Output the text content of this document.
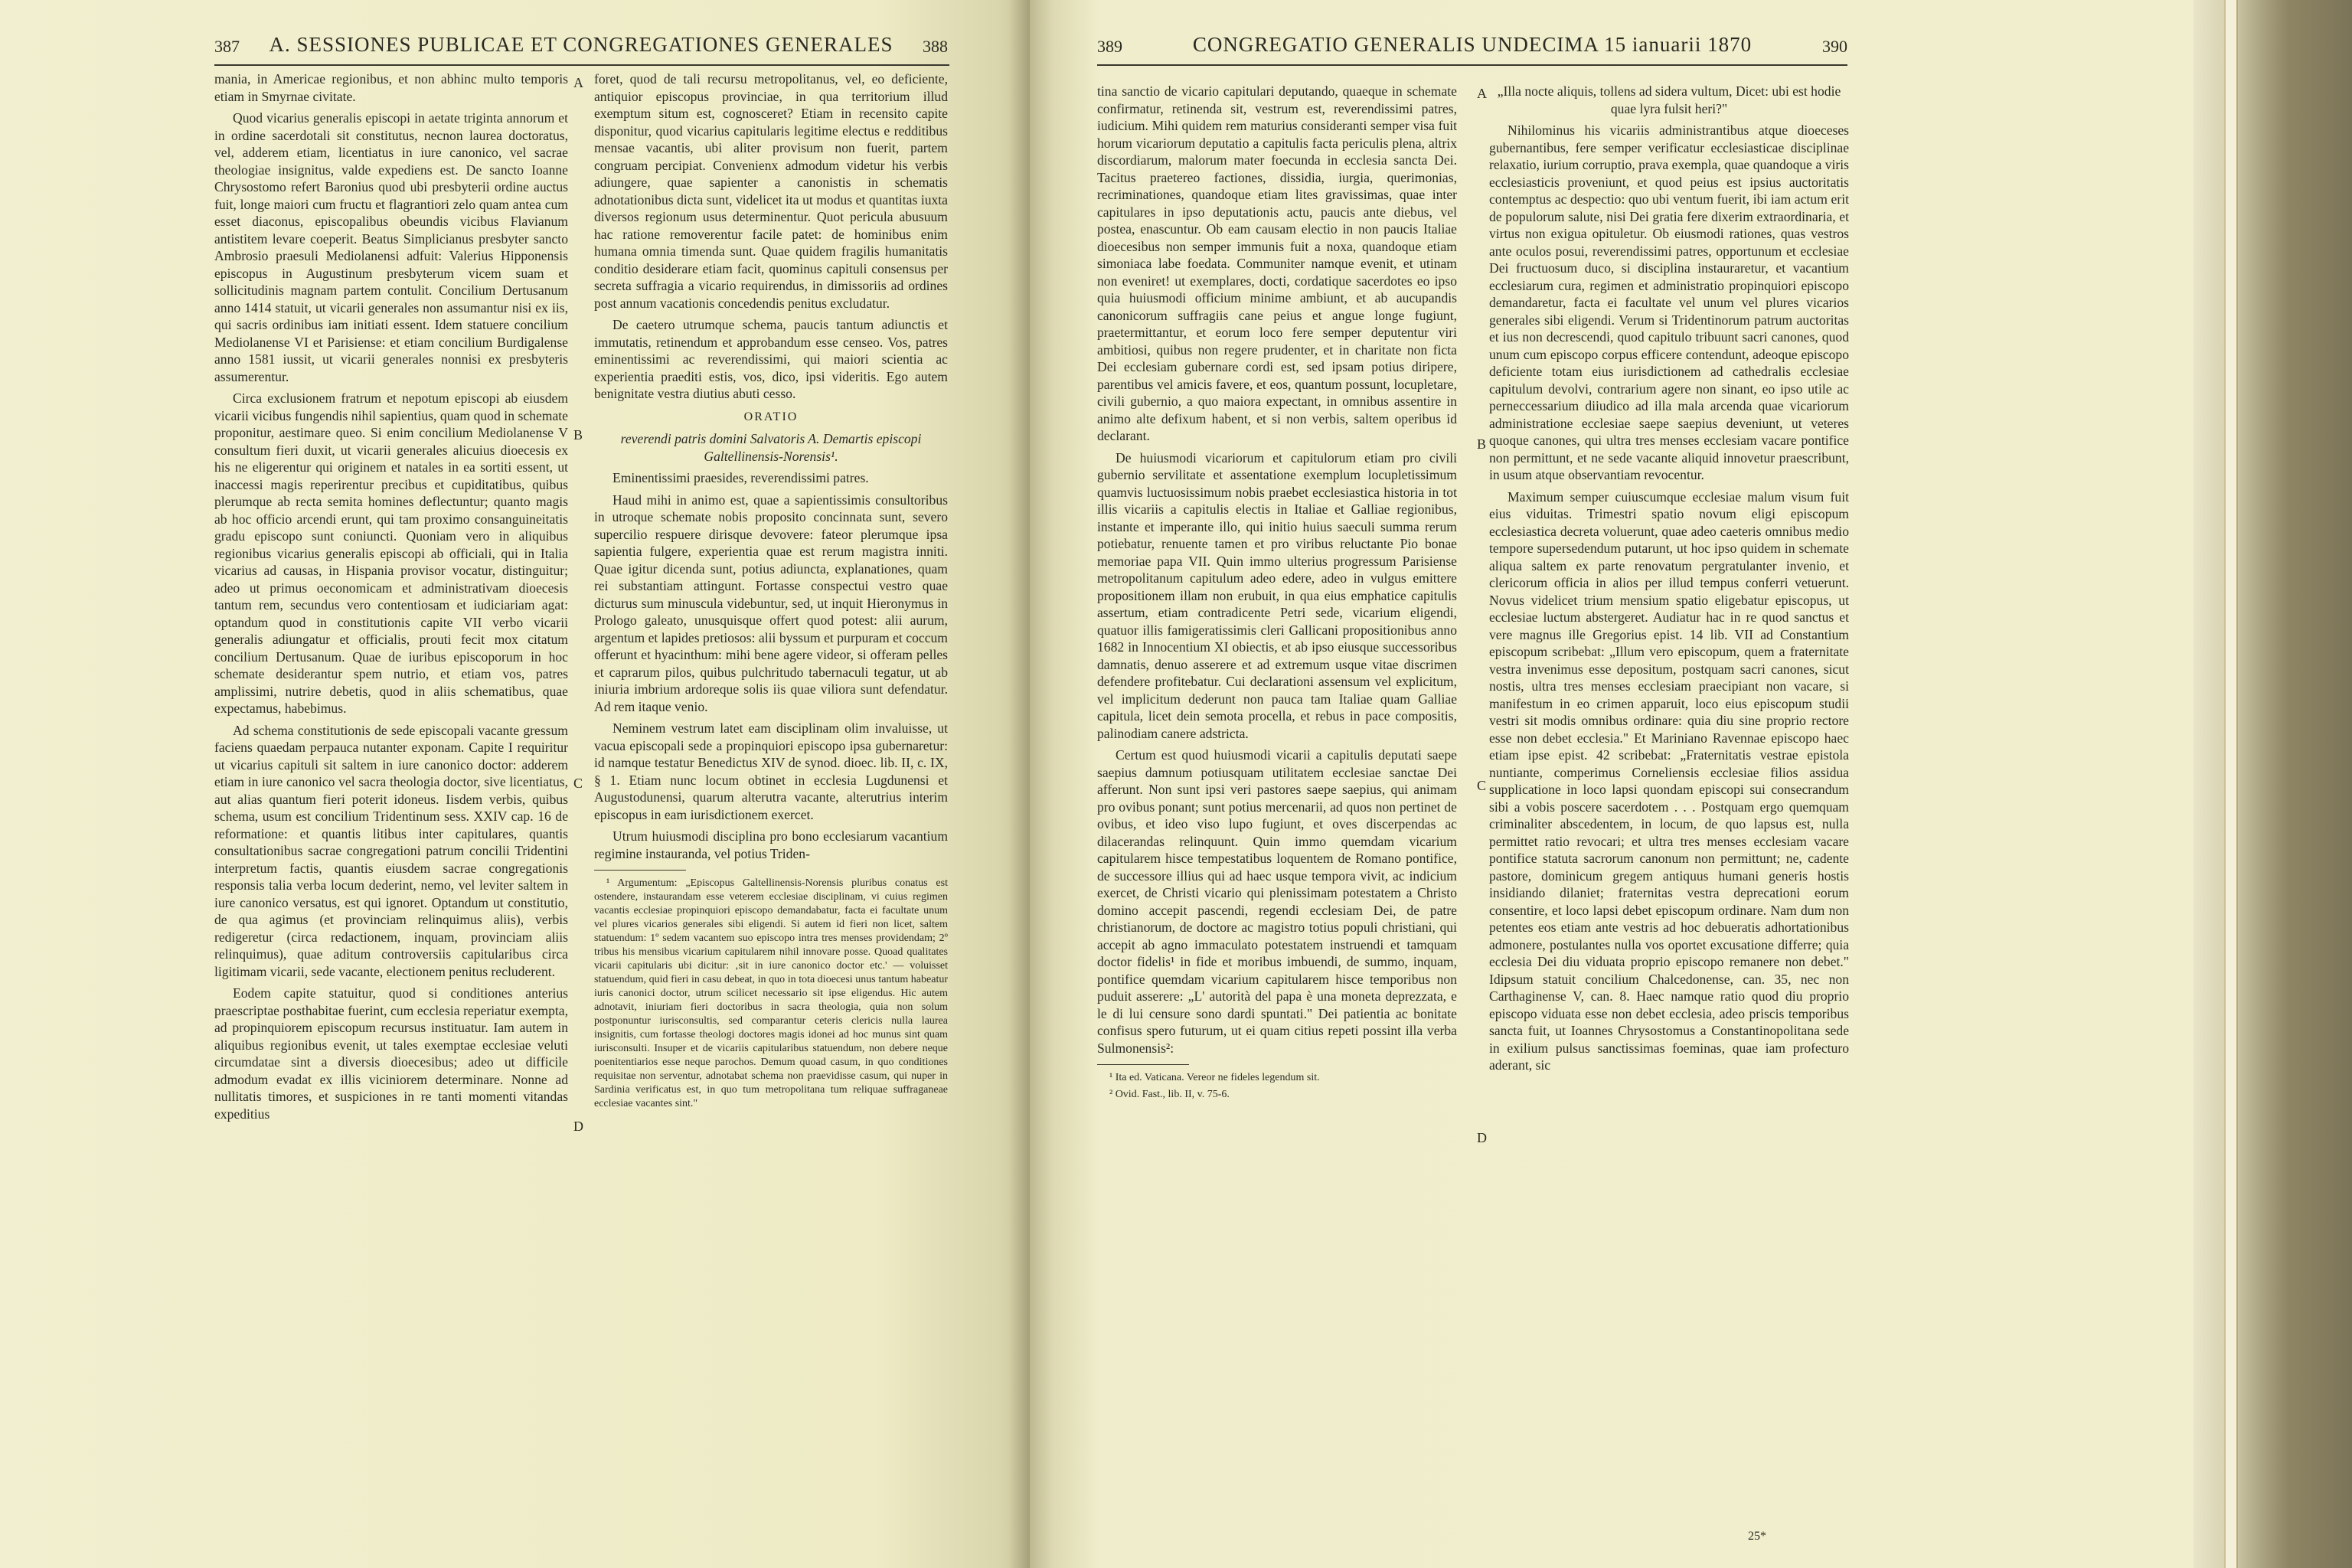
387 A. SESSIONES PUBLICAE ET CONGREGATIONES GENERALES 388

mania, in Americae regionibus, et non abhinc multo temporis etiam in Smyrnae civitate.

Quod vicarius generalis episcopi in aetate triginta annorum et in ordine sacerdotali sit constitutus, necnon laurea doctoratus, vel, adderem etiam, licentiatus in iure canonico, vel sacrae theologiae insignitus, valde expediens est. De sancto Ioanne Chrysostomo refert Baronius quod ubi presbyterii ordine auctus fuit, longe maiori cum fructu et flagrantiori zelo quam antea cum esset diaconus, episcopalibus obeundis vicibus Flavianum antistitem levare coeperit. Beatus Simplicianus presbyter sancto Ambrosio praesuli Mediolanensi adfuit: Valerius Hipponensis episcopus in Augustinum presbyterum vicem suam et sollicitudinis magnam partem contulit. Concilium Dertusanum anno 1414 statuit, ut vicarii generales non assumantur nisi ex iis, qui sacris ordinibus iam initiati essent. Idem statuere concilium Mediolanense VI et Parisiense: et etiam concilium Burdigalense anno 1581 iussit, ut vicarii generales nonnisi ex presbyteris assumerentur.

Circa exclusionem fratrum et nepotum episcopi ab eiusdem vicarii vicibus fungendis nihil sapientius, quam quod in schemate proponitur, aestimare queo. Si enim concilium Mediolanense V consultum fieri duxit, ut vicarii generales alicuius dioecesis ex his ne eligerentur qui originem et natales in ea sortiti essent, ut inaccessi magis reperirentur precibus et cupiditatibus, quibus plerumque ab recta semita homines deflectuntur; quanto magis ab hoc officio arcendi erunt, qui tam proximo consanguineitatis gradu episcopo sunt coniuncti. Quoniam vero in aliquibus regionibus vicarius generalis episcopi ab officiali, qui in Italia vicarius ad causas, in Hispania provisor vocatur, distinguitur; adeo ut primus oeconomicam et administrativam dioecesis tantum rem, secundus vero contentiosam et iudiciariam agat: optandum quod in constitutionis capite VII verbo vicarii generalis adiungatur et officialis, prouti fecit mox citatum concilium Dertusanum. Quae de iuribus episcoporum in hoc schemate desiderantur spem nutrio, et etiam vos, patres amplissimi, nutrire debetis, quod in aliis schematibus, quae expectamus, habebimus.

Ad schema constitutionis de sede episcopali vacante gressum faciens quaedam perpauca nutanter exponam. Capite I requiritur ut vicarius capituli sit saltem in iure canonico doctor: adderem etiam in iure canonico vel sacra theologia doctor, sive licentiatus, aut alias quantum fieri poterit idoneus. Iisdem verbis, quibus schema, usum est concilium Tridentinum sess. XXIV cap. 16 de reformatione: et quantis litibus inter capitulares, quantis consultationibus sacrae congregationi patrum concilii Tridentini interpretum factis, quantis eiusdem sacrae congregationis responsis talia verba locum dederint, nemo, vel leviter saltem in iure canonico versatus, est qui ignoret. Optandum ut constitutio, de qua agimus (et provinciam relinquimus aliis), verbis redigeretur (circa redactionem, inquam, provinciam aliis relinquimus), quae aditum controversiis capitularibus circa ligitimam vicarii, sede vacante, electionem penitus recluderent.

Eodem capite statuitur, quod si conditiones anterius praescriptae posthabitae fuerint, cum ecclesia reperiatur exempta, ad propinquiorem episcopum recursus instituatur. Iam autem in aliquibus regionibus evenit, ut tales exemptae ecclesiae veluti circumdatae sint a diversis dioecesibus; adeo ut difficile admodum evadat ex illis viciniorem determinare. Nonne ad nullitatis timores, et suspiciones in re tanti momenti vitandas expeditius

A
B
C
D

foret, quod de tali recursu metropolitanus, vel, eo deficiente, antiquior episcopus provinciae, in qua territorium illud exemptum situm est, cognosceret? Etiam in recensito capite disponitur, quod vicarius capitularis legitime electus e redditibus mensae vacantis, ubi aliter provisum non fuerit, partem congruam percipiat. Convenienx admodum videtur his verbis adiungere, quae sapienter a canonistis in schematis adnotationibus dicta sunt, videlicet ita ut modus et quantitas iuxta diversos regionum usus determinentur. Quot pericula abusuum hac ratione removerentur facile patet: de hominibus enim humana omnia timenda sunt. Quae quidem fragilis humanitatis conditio desiderare etiam facit, quominus capituli consensus per secreta suffragia a vicario requirendus, in dimissoriis ad ordines post annum vacationis concedendis penitus excludatur.

De caetero utrumque schema, paucis tantum adiunctis et immutatis, retinendum et approbandum esse censeo. Vos, patres eminentissimi ac reverendissimi, qui maiori scientia ac experientia praediti estis, vos, dico, ipsi videritis. Ego autem benignitate vestra diutius abuti cesso.

ORATIO

reverendi patris domini Salvatoris A. Demartis episcopi Galtellinensis-Norensis¹.

Eminentissimi praesides, reverendissimi patres.

Haud mihi in animo est, quae a sapientissimis consultoribus in utroque schemate nobis proposito concinnata sunt, severo supercilio respuere dirisque devovere: fateor plerumque ipsa sapientia fulgere, experientia quae est rerum magistra inniti. Quae igitur dicenda sunt, potius adiuncta, explanationes, quam rei substantiam attingunt. Fortasse conspectui vestro quae dicturus sum minuscula videbuntur, sed, ut inquit Hieronymus in Prologo galeato, unusquisque offert quod potest: alii aurum, argentum et lapides pretiosos: alii byssum et purpuram et coccum offerunt et hyacinthum: mihi bene agere videor, si offeram pelles et caprarum pilos, quibus pulchritudo tabernaculi tegatur, ut ab iniuria imbrium ardoreque solis iis quae viliora sunt defendatur. Ad rem itaque venio.

Neminem vestrum latet eam disciplinam olim invaluisse, ut vacua episcopali sede a propinquiori episcopo ipsa gubernaretur: id namque testatur Benedictus XIV de synod. dioec. lib. II, c. IX, § 1. Etiam nunc locum obtinet in ecclesia Lugdunensi et Augustodunensi, quarum alterutra vacante, alterutrius interim episcopus in eam iurisdictionem exercet.

Utrum huiusmodi disciplina pro bono ecclesiarum vacantium regimine instauranda, vel potius Triden-

¹ Argumentum: „Episcopus Galtellinensis-Norensis pluribus conatus est ostendere, instaurandam esse veterem ecclesiae disciplinam, vi cuius regimen vacantis ecclesiae propinquiori episcopo demandabatur, facta ei facultate unum vel plures vicarios generales sibi eligendi. Si autem id fieri non licet, saltem statuendum: 1º sedem vacantem suo episcopo intra tres menses providendam; 2º tribus his mensibus vicarium capitularem nihil innovare posse. Quoad qualitates vicarii capitularis ubi dicitur: ‚sit in iure canonico doctor etc.' — voluisset statuendum, quid fieri in casu debeat, in quo in tota dioecesi unus tantum habeatur iuris canonici doctor, utrum scilicet necessario sit ipse eligendus. Hic autem adnotavit, iniuriam fieri doctoribus in sacra theologia, quia non solum postponuntur iurisconsultis, sed comparantur ceteris clericis nulla laurea insignitis, cum fortasse theologi doctores magis idonei ad hoc munus sint quam iurisconsulti. Insuper et de vicariis capitularibus statuendum, non debere neque poenitentiarios esse neque parochos. Demum quoad casum, in quo conditiones requisitae non serventur, adnotabat schema non praevidisse casum, qui nuper in Sardinia verificatus est, in quo tum metropolitana tum reliquae suffraganeae ecclesiae vacantes sint."

389	CONGREGATIO GENERALIS UNDECIMA 15 ianuarii 1870	390

tina sanctio de vicario capitulari deputando, quaeque in schemate confirmatur, retinenda sit, vestrum est, reverendissimi patres, iudicium. Mihi quidem rem maturius consideranti semper visa fuit horum vicariorum deputatio a capitulis facta periculis plena, altrix discordiarum, malorum mater foecunda in ecclesia sancta Dei. Tacitus praetereo factiones, dissidia, iurgia, querimonias, recriminationes, quandoque etiam lites gravissimas, quae inter capitulares in ipso deputationis actu, paucis ante diebus, vel postea, enascuntur. Ob eam causam electio in non paucis Italiae dioecesibus non semper immunis fuit a noxa, quandoque etiam simoniaca labe foedata. Communiter namque evenit, et utinam non eveniret! ut exemplares, docti, cordatique sacerdotes eo ipso quia huiusmodi officium minime ambiunt, et ab aucupandis canonicorum suffragiis cane peius et angue longe fugiunt, praetermittantur, et eorum loco fere semper deputentur viri ambitiosi, quibus non regere prudenter, et in charitate non ficta Dei ecclesiam gubernare cordi est, sed ipsam potius diripere, parentibus vel amicis favere, et eos, quantum possunt, locupletare, civili gubernio, a quo maiora expectant, in omnibus assentire in animo alte defixum habent, et si non verbis, saltem operibus id declarant.

De huiusmodi vicariorum et capitulorum etiam pro civili gubernio servilitate et assentatione exemplum locupletissimum quamvis luctuosissimum nobis praebet ecclesiastica historia in tot illis vicariis a capitulis electis in Italiae et Galliae regionibus, instante et imperante illo, qui initio huius saeculi summa rerum potiebatur, renuente tamen et pro viribus reluctante Pio bonae memoriae papa VII. Quin immo ulterius progressum Parisiense metropolitanum capitulum adeo edere, adeo in vulgus emittere propositionem illam non erubuit, in qua eius emphatice capitulis assertum, etiam contradicente Petri sede, vicarium eligendi, quatuor illis famigeratissimis cleri Gallicani propositionibus anno 1682 in Innocentium XI obiectis, et ab ipso eiusque successoribus damnatis, denuo asserere et ad extremum usque vitae discrimen defendere profitebatur. Cui declarationi assensum vel explicitum, vel implicitum dederunt non pauca tam Italiae quam Galliae capitula, licet dein semota procella, et rebus in pace compositis, palinodiam canere adstricta.

Certum est quod huiusmodi vicarii a capitulis deputati saepe saepius damnum potiusquam utilitatem ecclesiae sanctae Dei afferunt. Non sunt ipsi veri pastores saepe saepius, qui animam pro ovibus ponant; sunt potius mercenarii, ad quos non pertinet de ovibus, et ideo viso lupo fugiunt, et oves discerpendas ac dilacerandas relinquunt. Quin immo quemdam vicarium capitularem hisce tempestatibus loquentem de Romano pontifice, de successore illius qui ad haec usque tempora vivit, ac indicium exercet, de Christi vicario qui plenissimam potestatem a Christo domino accepit pascendi, regendi ecclesiam Dei, de patre christianorum, de doctore ac magistro totius populi christiani, qui accepit ab agno immaculato potestatem instruendi et tamquam doctor fidelis¹ in fide et moribus imbuendi, de summo, inquam, pontifice quemdam vicarium capitularem hisce temporibus non puduit asserere: „L' autorità del papa è una moneta deprezzata, e le di lui censure sono dardi spuntati." Dei patientia ac bonitate confisus spero futurum, ut ei quam citius repeti possint illa verba Sulmonensis²:

¹ Ita ed. Vaticana. Vereor ne fideles legendum sit.

² Ovid. Fast., lib. II, v. 75-6.

A
B
C
D

„Illa nocte aliquis, tollens ad sidera vultum, Dicet: ubi est hodie quae lyra fulsit heri?"

Nihilominus his vicariis administrantibus atque dioeceses gubernantibus, fere semper verificatur ecclesiasticae disciplinae relaxatio, iurium corruptio, prava exempla, quae quandoque a viris ecclesiasticis proveniunt, et quod peius est ipsius auctoritatis contemptus ac despectio: quo ubi ventum fuerit, ibi iam actum erit de populorum salute, nisi Dei gratia fere dixerim extraordinaria, et virtus non exigua opituletur. Ob eiusmodi rationes, quas vestros ante oculos posui, reverendissimi patres, opportunum et ecclesiae Dei fructuosum duco, si disciplina instauraretur, et vacantium ecclesiarum cura, regimen et administratio propinquiori episcopo demandaretur, facta ei facultate vel unum vel plures vicarios generales sibi eligendi. Verum si Tridentinorum patrum auctoritas et ius non decrescendi, quod capitulo tribuunt sacri canones, quod unum cum episcopo corpus efficere contendunt, adeoque episcopo deficiente totam eius iurisdictionem ad cathedralis ecclesiae capitulum devolvi, contrarium agere non sinant, eo ipso utile ac perneccessarium diiudico ad illa mala arcenda quae vicariorum administratione ecclesiae saepe saepius deveniunt, ut veteres quoque canones, qui ultra tres menses ecclesiam vacare pontifice non permittunt, et ne sede vacante aliquid innovetur praescribunt, in usum atque observantiam revocentur.

Maximum semper cuiuscumque ecclesiae malum visum fuit eius viduitas. Trimestri spatio novum eligi episcopum ecclesiastica decreta voluerunt, quae adeo caeteris omnibus medio tempore supersedendum putarunt, ut hoc ipso quidem in schemate aliqua saltem ex parte renovatum pergratulanter invenio, et clericorum officia in alios per illud tempus conferri vetuerunt. Novus videlicet trium mensium spatio eligebatur episcopus, ut ecclesiae luctum abstergeret. Audiatur hac in re quod sanctus et vere magnus ille Gregorius epist. 14 lib. VII ad Constantium episcopum scribebat: „Illum vero episcopum, quem a fraternitate vestra invenimus esse depositum, postquam sacri canones, sicut nostis, ultra tres menses ecclesiam praecipiant non vacare, si manifestum in eo crimen apparuit, loco eius episcopum studii vestri sit modis omnibus ordinare: quia diu sine proprio rectore esse non debet ecclesia." Et Mariniano Ravennae episcopo haec etiam ipse epist. 42 scribebat: „Fraternitatis vestrae epistola nuntiante, comperimus Corneliensis ecclesiae filios assidua supplicatione in loco lapsi quondam episcopi sui consecrandum sibi a vobis poscere sacerdotem . . . Postquam ergo quemquam criminaliter abscedentem, in locum, de quo lapsus est, nulla permittet ratio revocari; et ultra tres menses ecclesiam vacare pontifice statuta sacrorum canonum non permittunt; ne, cadente pastore, dominicum gregem antiquus humani generis hostis insidiando dilaniet; fraternitas vestra deprecationi eorum consentire, et loco lapsi debet episcopum ordinare. Nam dum non petentes eos etiam ante vestris ad hoc debueratis adhortationibus admonere, postulantes nulla vos oportet excusatione differre; quia ecclesia Dei diu viduata proprio episcopo remanere non debet." Idipsum statuit concilium Chalcedonense, can. 35, nec non Carthaginense V, can. 8. Haec namque ratio quod diu proprio episcopo viduata esse non debet ecclesia, adeo priscis temporibus sancta fuit, ut Ioannes Chrysostomus a Constantinopolitana sede in exilium pulsus sanctissimas foeminas, quae iam profecturo aderant, sic

25*
